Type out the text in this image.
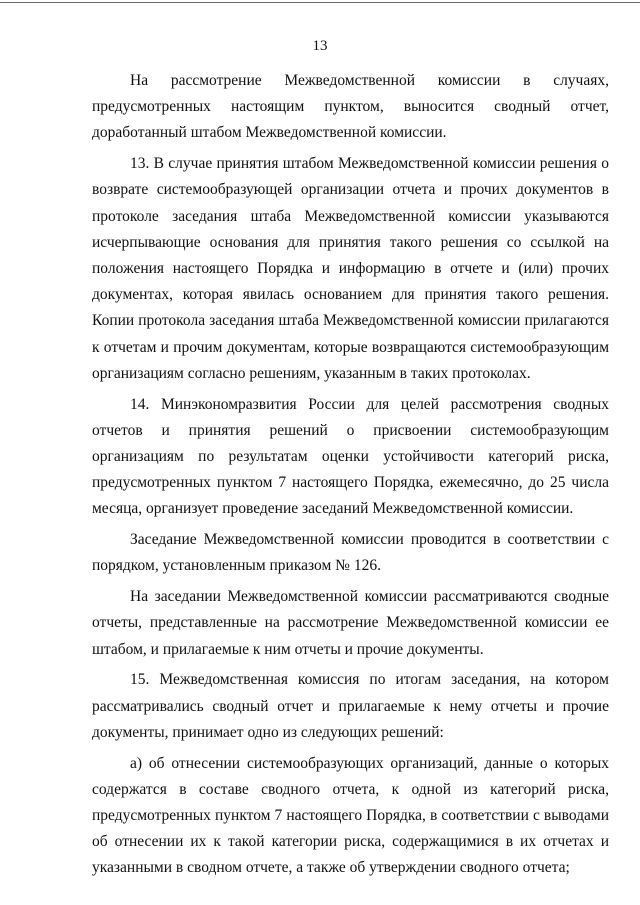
13

На рассмотрение Межведомственной комиссии в случаях, предусмотренных настоящим пунктом, выносится сводный отчет, доработанный штабом Межведомственной комиссии.

13. В случае принятия штабом Межведомственной комиссии решения о возврате системообразующей организации отчета и прочих документов в протоколе заседания штаба Межведомственной комиссии указываются исчерпывающие основания для принятия такого решения со ссылкой на положения настоящего Порядка и информацию в отчете и (или) прочих документах, которая явилась основанием для принятия такого решения. Копии протокола заседания штаба Межведомственной комиссии прилагаются к отчетам и прочим документам, которые возвращаются системообразующим организациям согласно решениям, указанным в таких протоколах.

14. Минэкономразвития России для целей рассмотрения сводных отчетов и принятия решений о присвоении системообразующим организациям по результатам оценки устойчивости категорий риска, предусмотренных пунктом 7 настоящего Порядка, ежемесячно, до 25 числа месяца, организует проведение заседаний Межведомственной комиссии.

Заседание Межведомственной комиссии проводится в соответствии с порядком, установленным приказом № 126.

На заседании Межведомственной комиссии рассматриваются сводные отчеты, представленные на рассмотрение Межведомственной комиссии ее штабом, и прилагаемые к ним отчеты и прочие документы.

15. Межведомственная комиссия по итогам заседания, на котором рассматривались сводный отчет и прилагаемые к нему отчеты и прочие документы, принимает одно из следующих решений:

а) об отнесении системообразующих организаций, данные о которых содержатся в составе сводного отчета, к одной из категорий риска, предусмотренных пунктом 7 настоящего Порядка, в соответствии с выводами об отнесении их к такой категории риска, содержащимися в их отчетах и указанными в сводном отчете, а также об утверждении сводного отчета;
